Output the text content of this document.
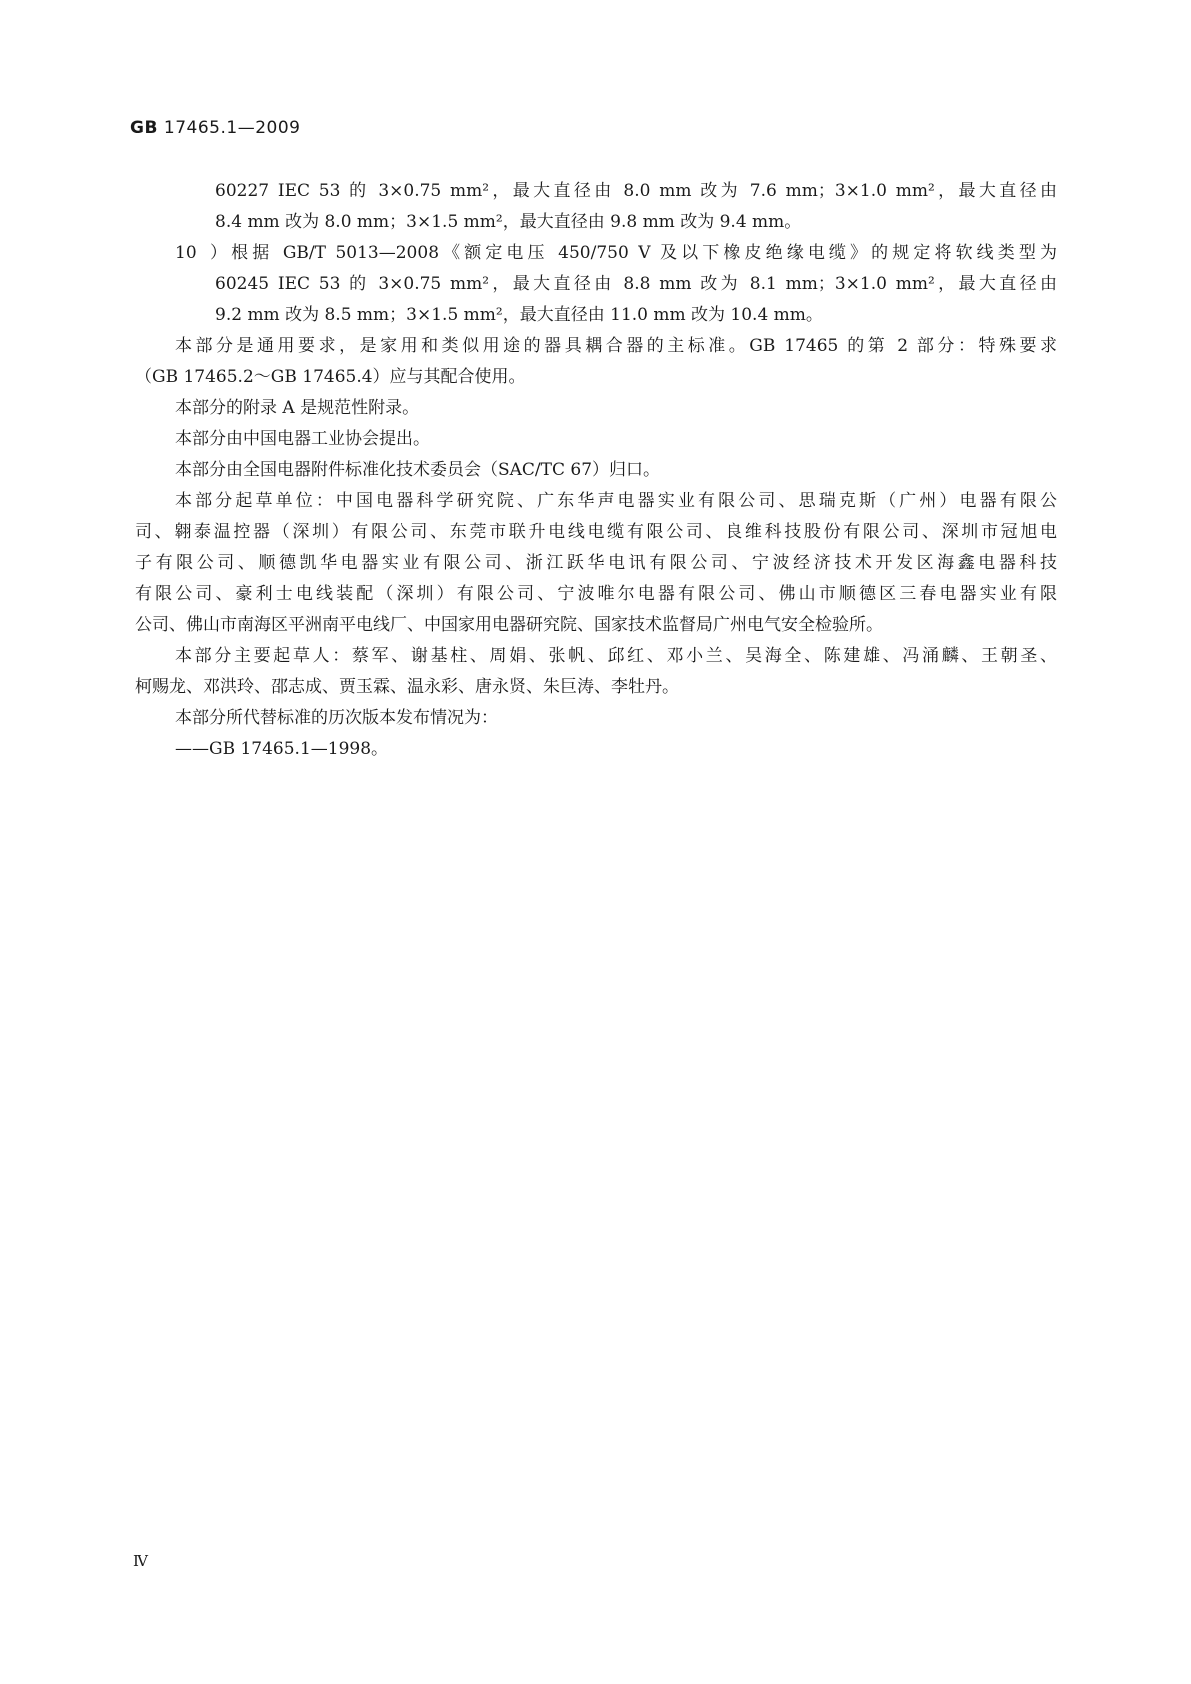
GB 17465.1—2009
60227 IEC 53 的 3×0.75 mm²，最大直径由 8.0 mm 改为 7.6 mm；3×1.0 mm²，最大直径由
8.4 mm 改为 8.0 mm；3×1.5 mm²，最大直径由 9.8 mm 改为 9.4 mm。
10）根据 GB/T 5013—2008《额定电压 450/750 V 及以下橡皮绝缘电缆》的规定将软线类型为
60245 IEC 53 的 3×0.75 mm²，最大直径由 8.8 mm 改为 8.1 mm；3×1.0 mm²，最大直径由
9.2 mm 改为 8.5 mm；3×1.5 mm²，最大直径由 11.0 mm 改为 10.4 mm。
本部分是通用要求，是家用和类似用途的器具耦合器的主标准。GB 17465 的第 2 部分：特殊要求
（GB 17465.2～GB 17465.4）应与其配合使用。
本部分的附录 A 是规范性附录。
本部分由中国电器工业协会提出。
本部分由全国电器附件标准化技术委员会（SAC/TC 67）归口。
本部分起草单位：中国电器科学研究院、广东华声电器实业有限公司、思瑞克斯（广州）电器有限公
司、翱泰温控器（深圳）有限公司、东莞市联升电线电缆有限公司、良维科技股份有限公司、深圳市冠旭电
子有限公司、顺德凯华电器实业有限公司、浙江跃华电讯有限公司、宁波经济技术开发区海鑫电器科技
有限公司、豪利士电线装配（深圳）有限公司、宁波唯尔电器有限公司、佛山市顺德区三春电器实业有限
公司、佛山市南海区平洲南平电线厂、中国家用电器研究院、国家技术监督局广州电气安全检验所。
本部分主要起草人：蔡军、谢基柱、周娟、张帆、邱红、邓小兰、吴海全、陈建雄、冯涌麟、王朝圣、
柯赐龙、邓洪玲、邵志成、贾玉霖、温永彩、唐永贤、朱巨涛、李牡丹。
本部分所代替标准的历次版本发布情况为：
——GB 17465.1—1998。
Ⅳ
